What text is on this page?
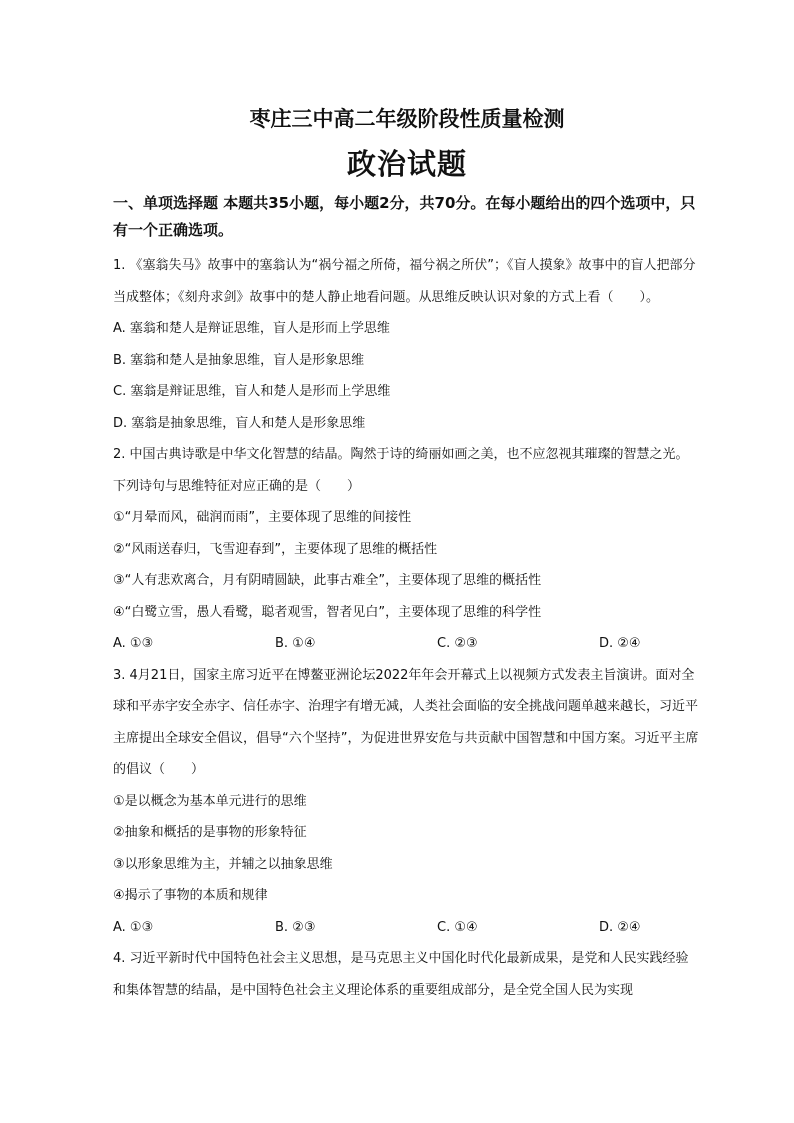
枣庄三中高二年级阶段性质量检测
政治试题
一、单项选择题 本题共35小题，每小题2分，共70分。在每小题给出的四个选项中，只有一个正确选项。

1. 《塞翁失马》故事中的塞翁认为“祸兮福之所倚，福兮祸之所伏”；《盲人摸象》故事中的盲人把部分当成整体；《刻舟求剑》故事中的楚人静止地看问题。从思维反映认识对象的方式上看（　　）。

A. 塞翁和楚人是辩证思维，盲人是形而上学思维

B. 塞翁和楚人是抽象思维，盲人是形象思维

C. 塞翁是辩证思维，盲人和楚人是形而上学思维

D. 塞翁是抽象思维，盲人和楚人是形象思维

2. 中国古典诗歌是中华文化智慧的结晶。陶然于诗的绮丽如画之美，也不应忽视其璀璨的智慧之光。下列诗句与思维特征对应正确的是（　　）

①“月晕而风，础润而雨”，主要体现了思维的间接性

②“风雨送春归，飞雪迎春到”，主要体现了思维的概括性

③“人有悲欢离合，月有阴晴圆缺，此事古难全”，主要体现了思维的概括性

④“白鹭立雪，愚人看鹭，聪者观雪，智者见白”，主要体现了思维的科学性

A. ①③	B. ①④	C. ②③	D. ②④

3. 4月21日，国家主席习近平在博鳌亚洲论坛2022年年会开幕式上以视频方式发表主旨演讲。面对全球和平赤字安全赤字、信任赤字、治理字有增无减，人类社会面临的安全挑战问题单越来越长，习近平主席提出全球安全倡议，倡导“六个坚持”，为促进世界安危与共贡献中国智慧和中国方案。习近平主席的倡议（　　）

①是以概念为基本单元进行的思维

②抽象和概括的是事物的形象特征

③以形象思维为主，并辅之以抽象思维

④揭示了事物的本质和规律

A. ①③	B. ②③	C. ①④	D. ②④

4. 习近平新时代中国特色社会主义思想，是马克思主义中国化时代化最新成果，是党和人民实践经验和集体智慧的结晶，是中国特色社会主义理论体系的重要组成部分，是全党全国人民为实现
